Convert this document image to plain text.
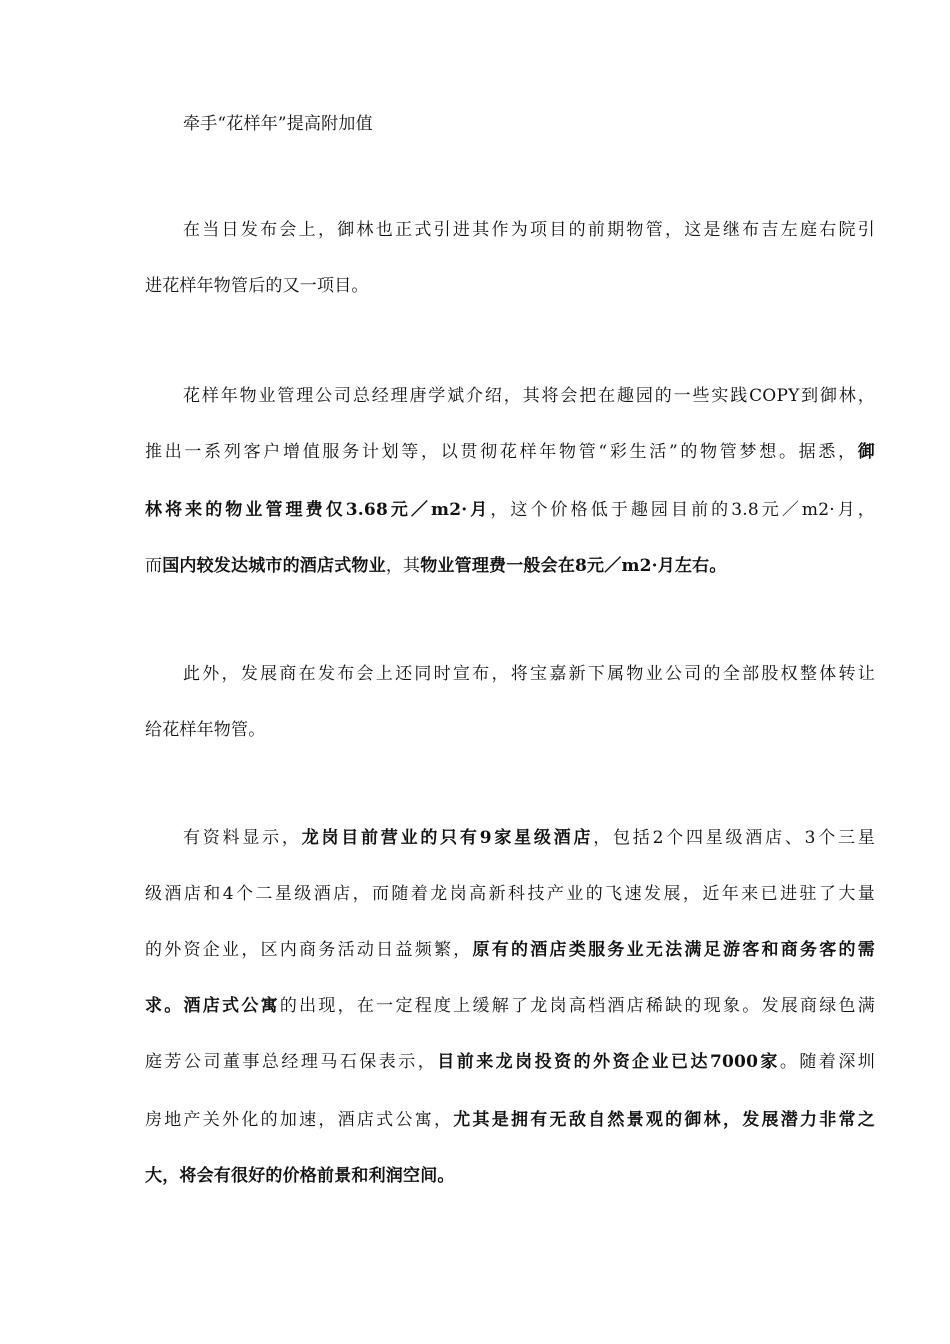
牵手“花样年”提高附加值
在当日发布会上，御林也正式引进其作为项目的前期物管，这是继布吉左庭右院引
进花样年物管后的又一项目。
花样年物业管理公司总经理唐学斌介绍，其将会把在趣园的一些实践COPY到御林，
推出一系列客户增值服务计划等，以贯彻花样年物管“彩生活”的物管梦想。据悉，御
林将来的物业管理费仅3.68元／m2·月，这个价格低于趣园目前的3.8元／m2·月，
而国内较发达城市的酒店式物业，其物业管理费一般会在8元／m2·月左右。
此外，发展商在发布会上还同时宣布，将宝嘉新下属物业公司的全部股权整体转让
给花样年物管。
有资料显示，龙岗目前营业的只有9家星级酒店，包括2个四星级酒店、3个三星
级酒店和4个二星级酒店，而随着龙岗高新科技产业的飞速发展，近年来已进驻了大量
的外资企业，区内商务活动日益频繁，原有的酒店类服务业无法满足游客和商务客的需
求。酒店式公寓的出现，在一定程度上缓解了龙岗高档酒店稀缺的现象。发展商绿色满
庭芳公司董事总经理马石保表示，目前来龙岗投资的外资企业已达7000家。随着深圳
房地产关外化的加速，酒店式公寓，尤其是拥有无敌自然景观的御林，发展潜力非常之
大，将会有很好的价格前景和利润空间。
